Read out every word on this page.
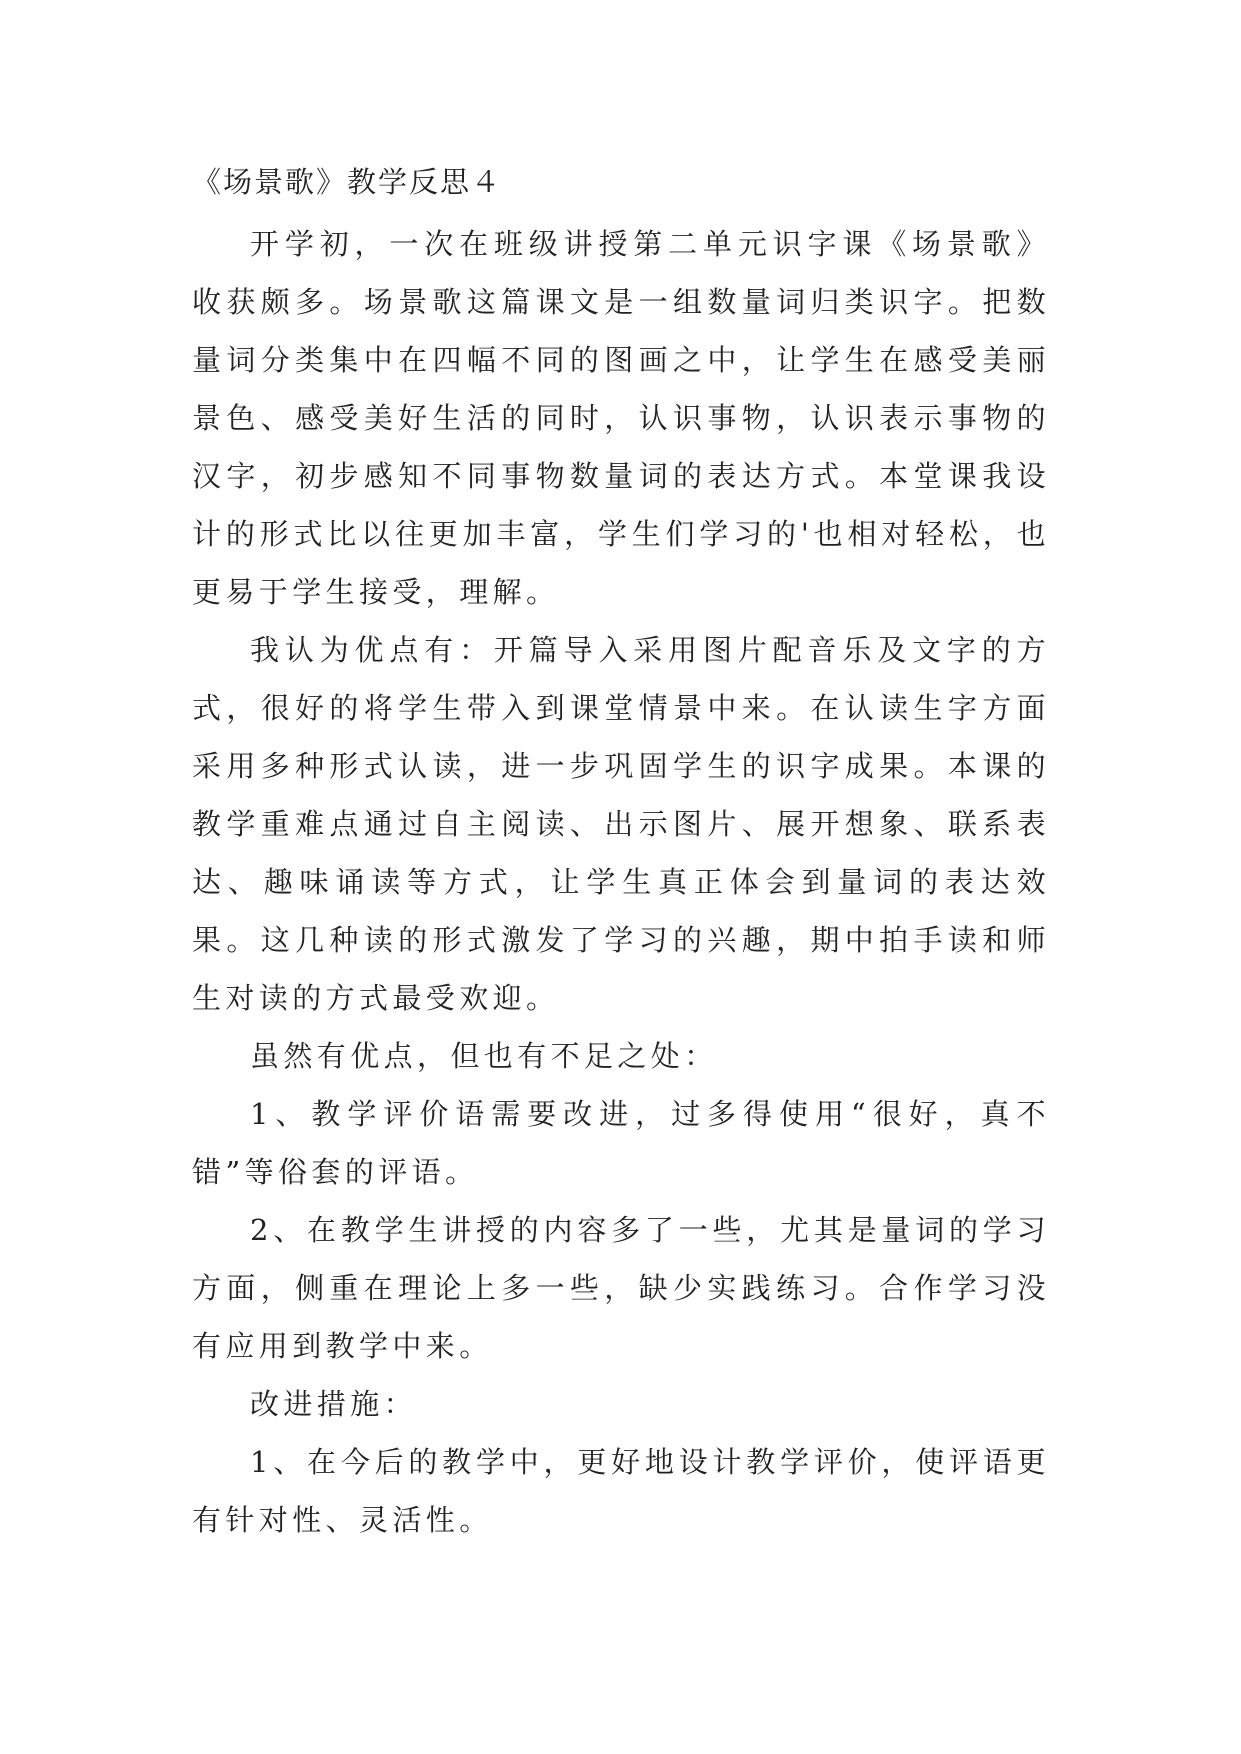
《场景歌》教学反思４

开学初，一次在班级讲授第二单元识字课《场景歌》收获颇多。场景歌这篇课文是一组数量词归类识字。把数量词分类集中在四幅不同的图画之中，让学生在感受美丽景色、感受美好生活的同时，认识事物，认识表示事物的汉字，初步感知不同事物数量词的表达方式。本堂课我设计的形式比以往更加丰富，学生们学习的'也相对轻松，也更易于学生接受，理解。

我认为优点有：开篇导入采用图片配音乐及文字的方式，很好的将学生带入到课堂情景中来。在认读生字方面采用多种形式认读，进一步巩固学生的识字成果。本课的教学重难点通过自主阅读、出示图片、展开想象、联系表达、趣味诵读等方式，让学生真正体会到量词的表达效果。这几种读的形式激发了学习的兴趣，期中拍手读和师生对读的方式最受欢迎。

虽然有优点，但也有不足之处：

1、教学评价语需要改进，过多得使用“很好，真不错”等俗套的评语。

2、在教学生讲授的内容多了一些，尤其是量词的学习方面，侧重在理论上多一些，缺少实践练习。合作学习没有应用到教学中来。

改进措施：

1、在今后的教学中，更好地设计教学评价，使评语更有针对性、灵活性。
